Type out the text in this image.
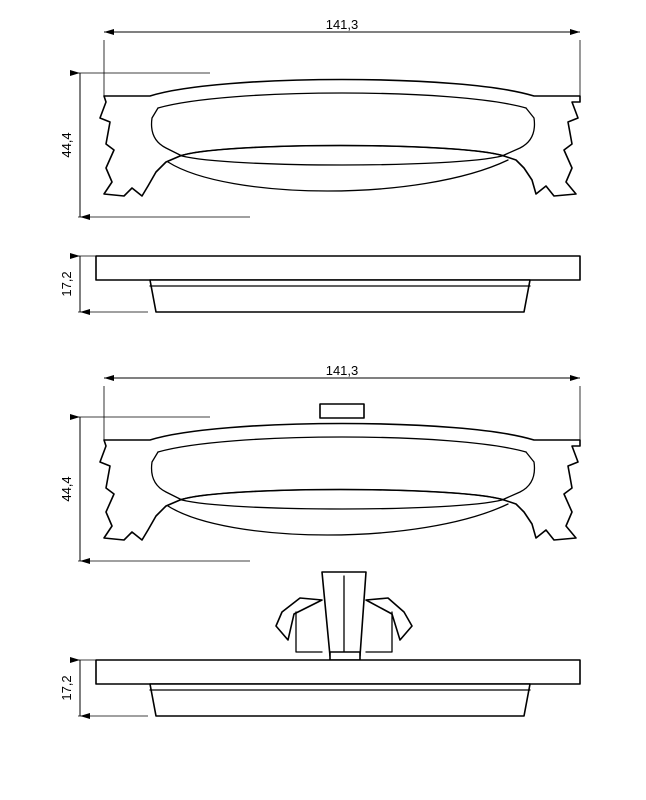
141,3
44,4
17,2
141,3
44,4
17,2
